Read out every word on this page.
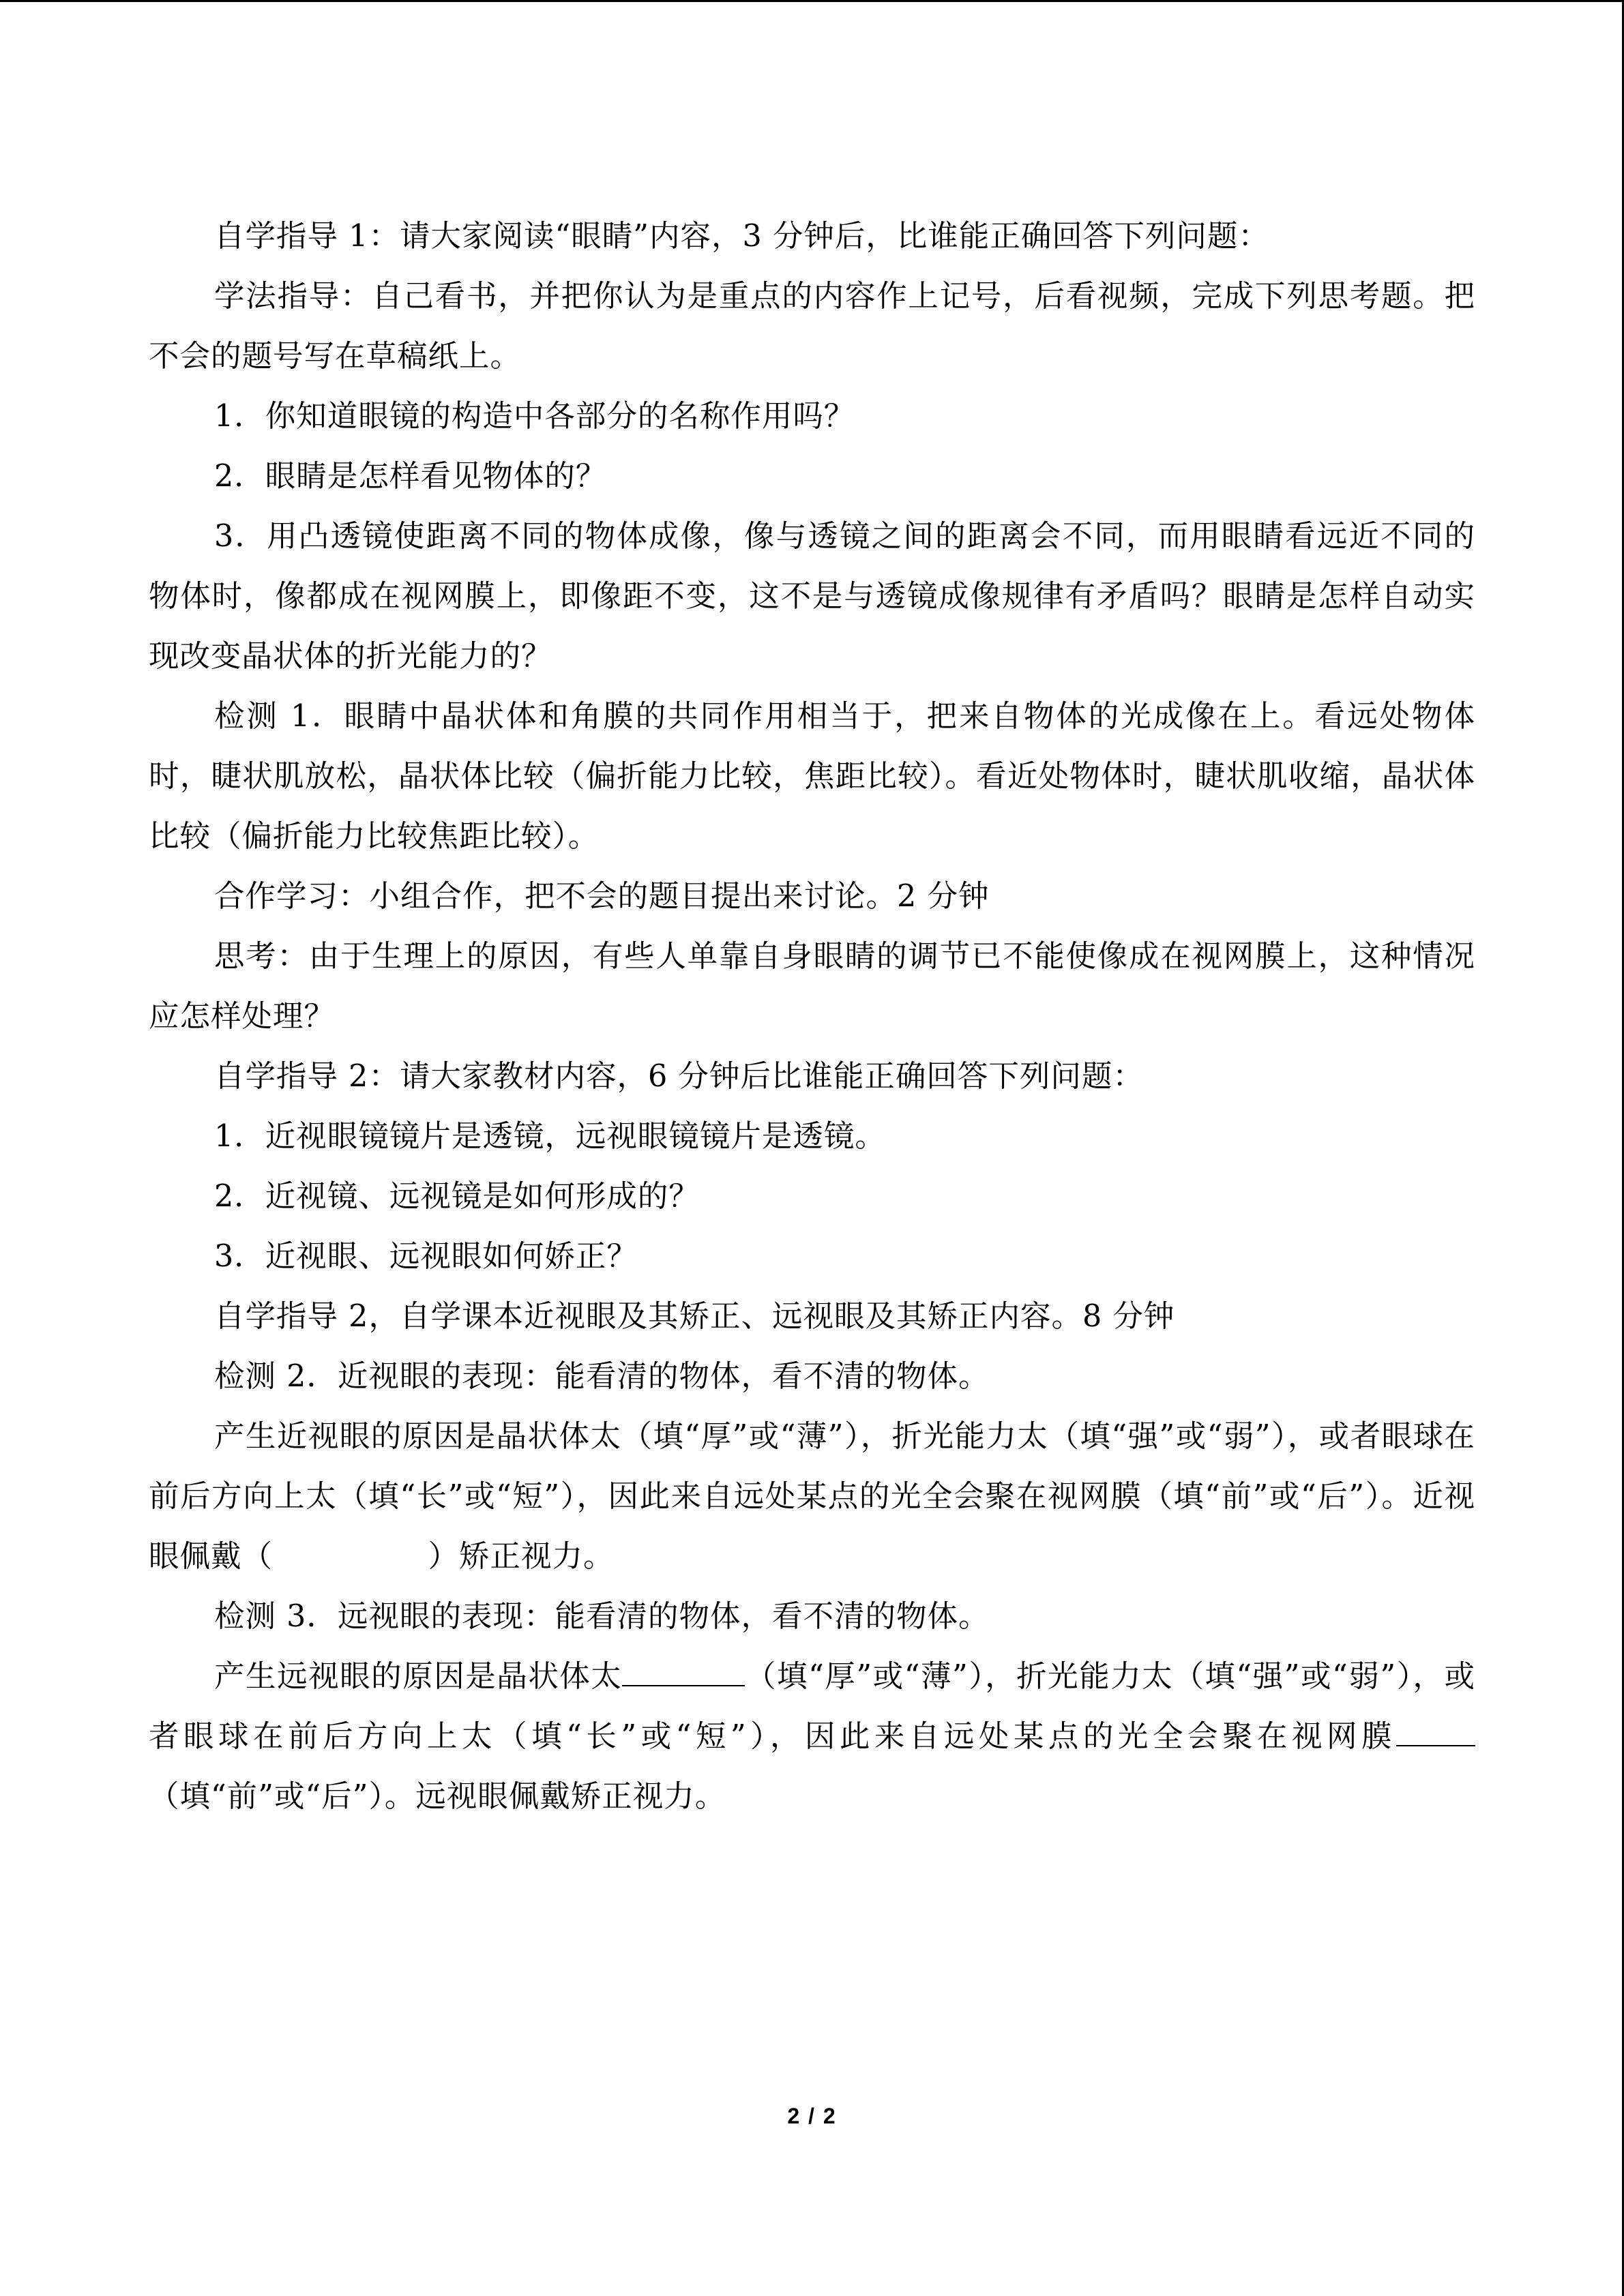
自学指导 1：请大家阅读“眼睛”内容，3 分钟后，比谁能正确回答下列问题：

学法指导：自己看书，并把你认为是重点的内容作上记号，后看视频，完成下列思考题。把不会的题号写在草稿纸上。

1．你知道眼镜的构造中各部分的名称作用吗？

2．眼睛是怎样看见物体的？

3．用凸透镜使距离不同的物体成像，像与透镜之间的距离会不同，而用眼睛看远近不同的物体时，像都成在视网膜上，即像距不变，这不是与透镜成像规律有矛盾吗？眼睛是怎样自动实现改变晶状体的折光能力的？

检测 1．眼睛中晶状体和角膜的共同作用相当于，把来自物体的光成像在上。看远处物体时，睫状肌放松，晶状体比较（偏折能力比较，焦距比较）。看近处物体时，睫状肌收缩，晶状体比较（偏折能力比较焦距比较）。

合作学习：小组合作，把不会的题目提出来讨论。2 分钟

思考：由于生理上的原因，有些人单靠自身眼睛的调节已不能使像成在视网膜上，这种情况应怎样处理？

自学指导 2：请大家教材内容，6 分钟后比谁能正确回答下列问题：

1．近视眼镜镜片是透镜，远视眼镜镜片是透镜。

2．近视镜、远视镜是如何形成的？

3．近视眼、远视眼如何娇正？

自学指导 2，自学课本近视眼及其矫正、远视眼及其矫正内容。8 分钟

检测 2．近视眼的表现：能看清的物体，看不清的物体。

产生近视眼的原因是晶状体太（填“厚”或“薄”），折光能力太（填“强”或“弱”），或者眼球在前后方向上太（填“长”或“短”），因此来自远处某点的光全会聚在视网膜（填“前”或“后”）。近视眼佩戴（　　　　　）矫正视力。

检测 3．远视眼的表现：能看清的物体，看不清的物体。

产生远视眼的原因是晶状体太	（填“厚”或“薄”），折光能力太（填“强”或“弱”），或者眼球在前后方向上太（填“长”或“短”），因此来自远处某点的光全会聚在视网膜（填“前”或“后”）。远视眼佩戴矫正视力。

2 / 2
